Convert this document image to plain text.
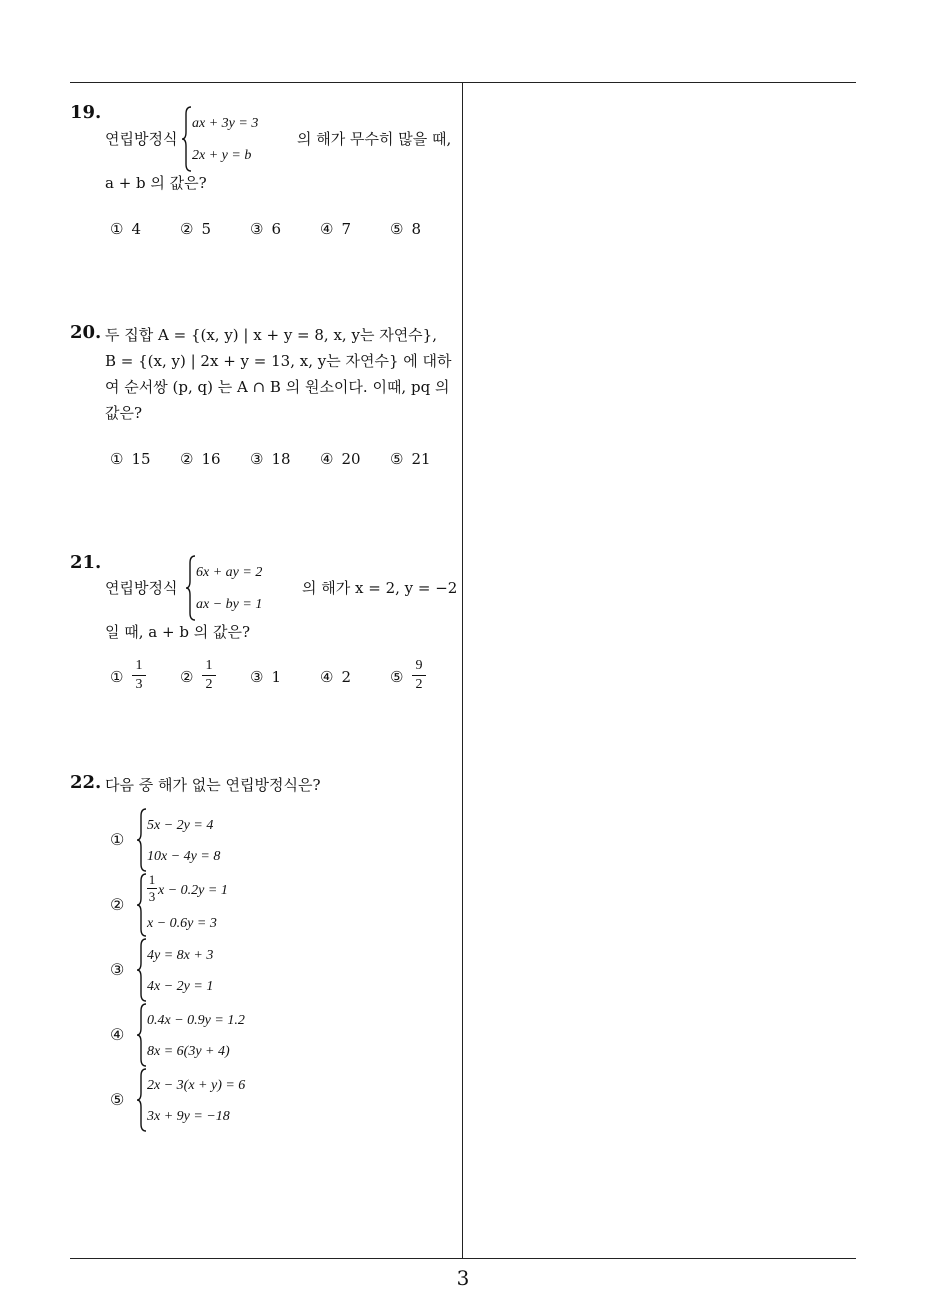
3
19.
연립방정식
ax + 3y = 3
2x + y = b
의 해가 무수히 많을 때,
a + b 의 값은?
① 4	② 5	③ 6	④ 7	⑤ 8
20. 두 집합 A = {(x, y) | x + y = 8, x, y는 자연수},
B = {(x, y) | 2x + y = 13, x, y는 자연수} 에 대하
여 순서쌍 (p, q) 는 A ∩ B 의 원소이다. 이때, pq 의
값은?
① 15 ② 16 ③ 18 ④ 20 ⑤ 21
21.
연립방정식
6x + ay = 2
ax − by = 1
의 해가 x = 2, y = −2
일 때, a + b 의 값은?
①
1
3	②
1
2	③ 1	④ 2	⑤
9
2
22. 다음 중 해가 없는 연립방정식은?
①
5x − 2y = 4
10x − 4y = 8
②
1
3 x − 0.2y = 1
x − 0.6y = 3
③
4y = 8x + 3
4x − 2y = 1
④
0.4x − 0.9y = 1.2
8x = 6(3y + 4)
⑤
2x − 3(x + y) = 6
3x + 9y = −18
